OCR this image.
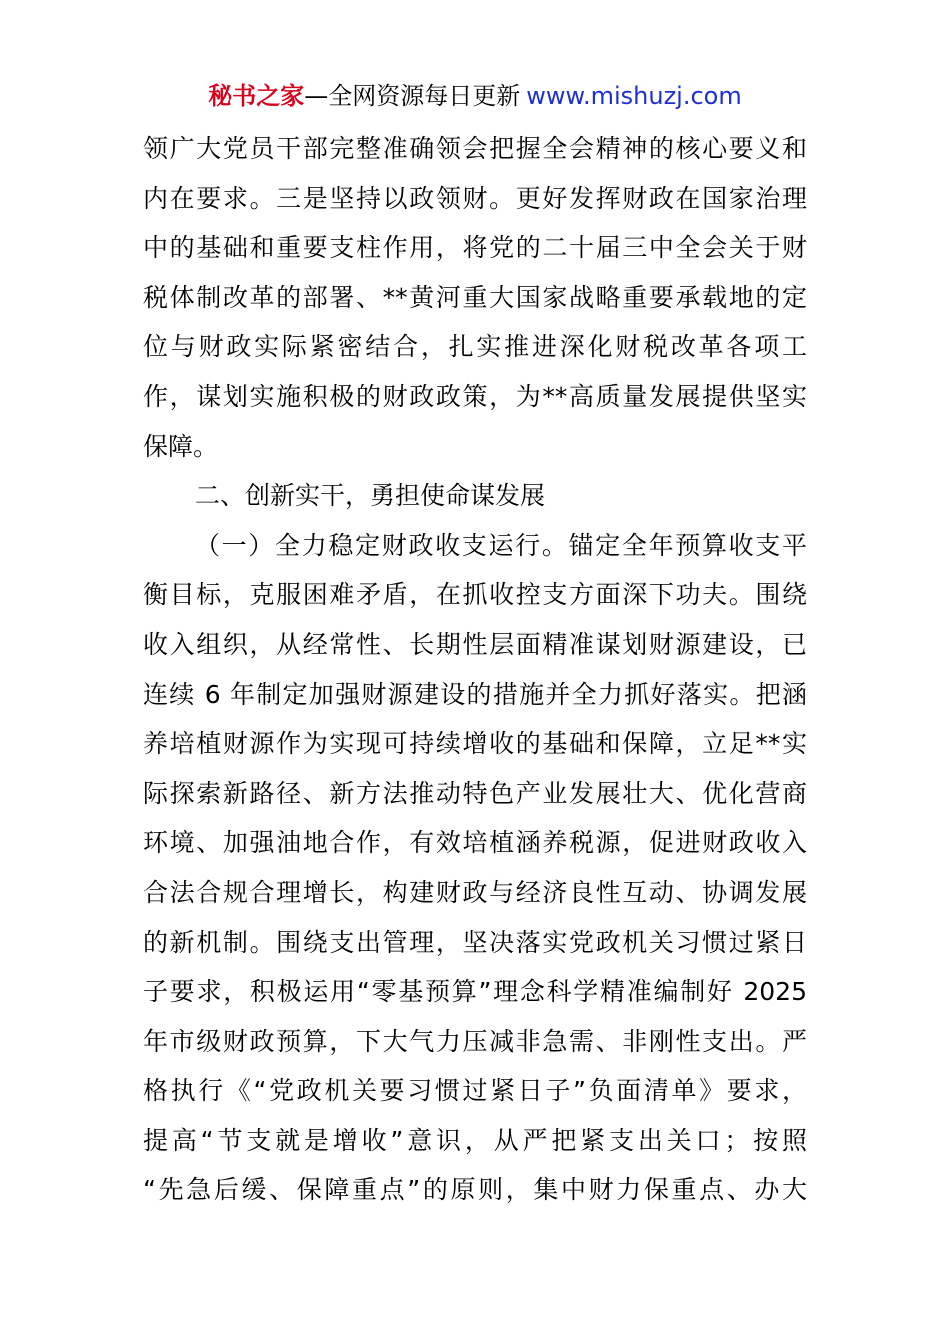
秘书之家—全网资源每日更新 www.mishuzj.com
领广大党员干部完整准确领会把握全会精神的核心要义和
内在要求。三是坚持以政领财。更好发挥财政在国家治理
中的基础和重要支柱作用，将党的二十届三中全会关于财
税体制改革的部署、**黄河重大国家战略重要承载地的定
位与财政实际紧密结合，扎实推进深化财税改革各项工
作，谋划实施积极的财政政策，为**高质量发展提供坚实
保障。
二、创新实干，勇担使命谋发展
（一）全力稳定财政收支运行。锚定全年预算收支平
衡目标，克服困难矛盾，在抓收控支方面深下功夫。围绕
收入组织，从经常性、长期性层面精准谋划财源建设，已
连续 6 年制定加强财源建设的措施并全力抓好落实。把涵
养培植财源作为实现可持续增收的基础和保障，立足**实
际探索新路径、新方法推动特色产业发展壮大、优化营商
环境、加强油地合作，有效培植涵养税源，促进财政收入
合法合规合理增长，构建财政与经济良性互动、协调发展
的新机制。围绕支出管理，坚决落实党政机关习惯过紧日
子要求，积极运用“零基预算”理念科学精准编制好 2025
年市级财政预算，下大气力压减非急需、非刚性支出。严
格执行《“党政机关要习惯过紧日子”负面清单》要求，
提高“节支就是增收”意识，从严把紧支出关口；按照
“先急后缓、保障重点”的原则，集中财力保重点、办大
